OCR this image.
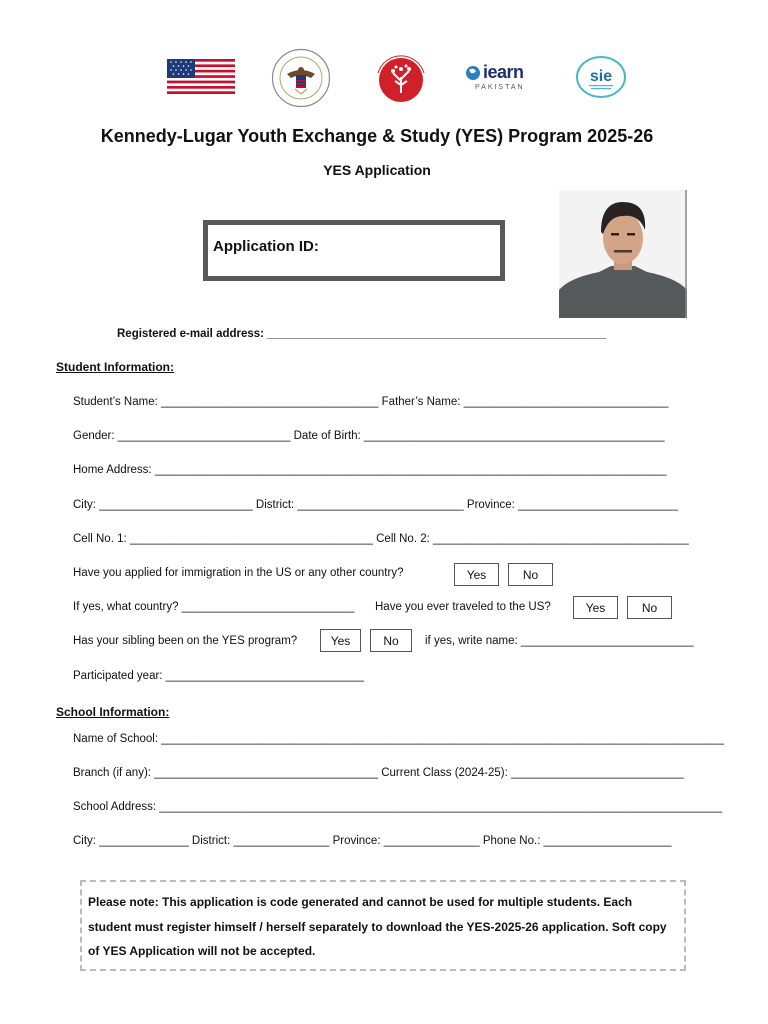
iearn
PAKISTAN
sie
Kennedy-Lugar Youth Exchange & Study (YES) Program 2025-26
YES Application
Application ID:
Registered e-mail address: _____________________________________________________
Student Information:
Student’s Name: __________________________________ Father’s Name: ________________________________
Gender: ___________________________ Date of Birth: _______________________________________________
Home Address: ________________________________________________________________________________
City: ________________________ District: __________________________ Province: _________________________
Cell No. 1: ______________________________________ Cell No. 2: ________________________________________
Have you applied for immigration in the US or any other country?	Yes	No
If yes, what country? ___________________________ Have you ever traveled to the US?	Yes	No
Has your sibling been on the YES program?	Yes	No	if yes, write name: ___________________________
Participated year: _______________________________
School Information:
Name of School: ________________________________________________________________________________________
Branch (if any): ___________________________________ Current Class (2024-25): ___________________________
School Address: ________________________________________________________________________________________
City: ______________ District: _______________ Province: _______________ Phone No.: ____________________
Please note: This application is code generated and cannot be used for multiple students. Each student must register himself / herself separately to download the YES-2025-26 application. Soft copy of YES Application will not be accepted.
